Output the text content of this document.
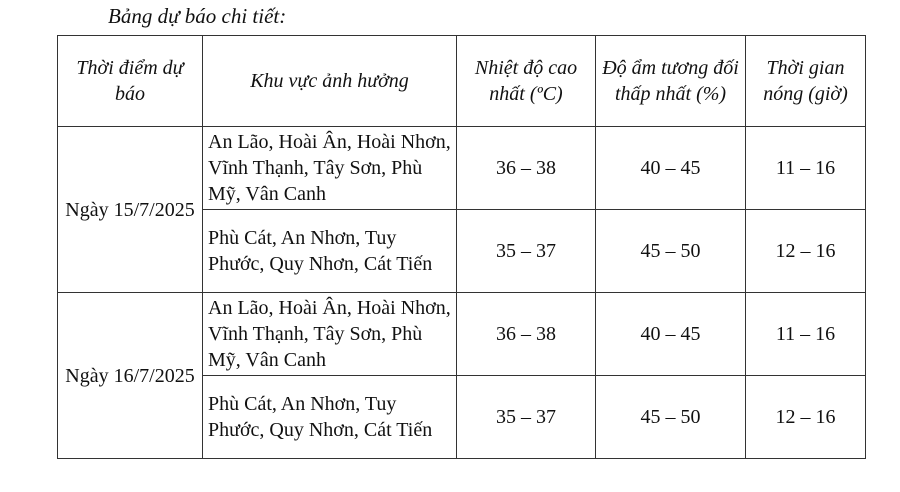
Bảng dự báo chi tiết:
Thời điểm dự báo	Khu vực ảnh hưởng	Nhiệt độ cao nhất (ºC)	Độ ẩm tương đối thấp nhất (%)	Thời gian nóng (giờ)
Ngày 15/7/2025	An Lão, Hoài Ân, Hoài Nhơn, Vĩnh Thạnh, Tây Sơn, Phù Mỹ, Vân Canh	36 – 38	40 – 45	11 – 16
	Phù Cát, An Nhơn, Tuy Phước, Quy Nhơn, Cát Tiến	35 – 37	45 – 50	12 – 16
Ngày 16/7/2025	An Lão, Hoài Ân, Hoài Nhơn, Vĩnh Thạnh, Tây Sơn, Phù Mỹ, Vân Canh	36 – 38	40 – 45	11 – 16
	Phù Cát, An Nhơn, Tuy Phước, Quy Nhơn, Cát Tiến	35 – 37	45 – 50	12 – 16
